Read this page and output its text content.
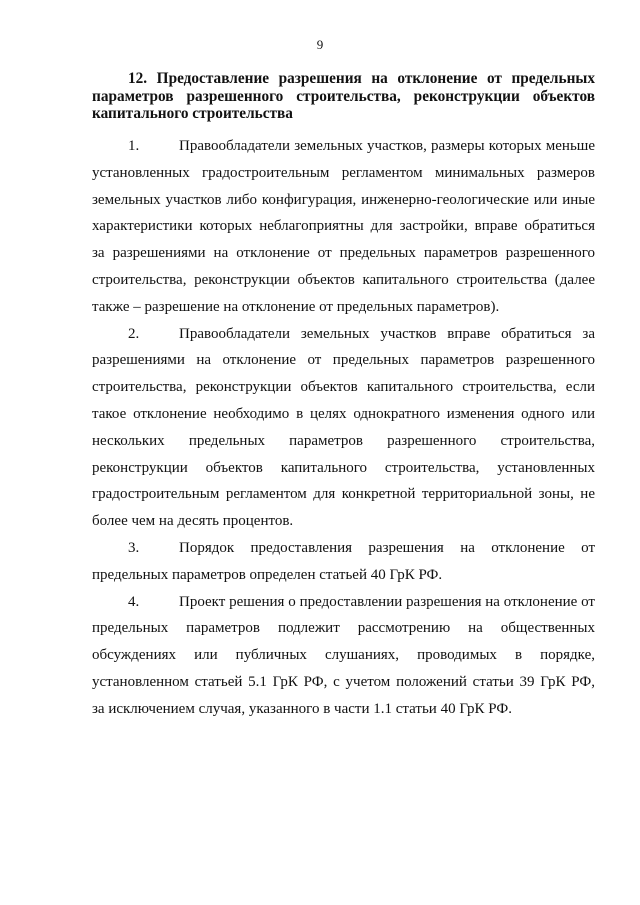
9
12. Предоставление разрешения на отклонение от предельных параметров разрешенного строительства, реконструкции объектов капитального строительства
1.	Правообладатели земельных участков, размеры которых меньше
установленных градостроительным регламентом минимальных размеров
земельных участков либо конфигурация, инженерно-геологические или иные
характеристики которых неблагоприятны для застройки, вправе обратиться
за разрешениями на отклонение от предельных параметров разрешенного
строительства, реконструкции объектов капитального строительства (далее
также – разрешение на отклонение от предельных параметров).
2.	Правообладатели земельных участков вправе обратиться за
разрешениями на отклонение от предельных параметров разрешенного
строительства, реконструкции объектов капитального строительства, если
такое отклонение необходимо в целях однократного изменения одного или
нескольких предельных параметров разрешенного строительства,
реконструкции объектов капитального строительства, установленных
градостроительным регламентом для конкретной территориальной зоны, не
более чем на десять процентов.
3.	Порядок предоставления разрешения на отклонение от
предельных параметров определен статьей 40 ГрК РФ.
4.	Проект решения о предоставлении разрешения на отклонение от
предельных параметров подлежит рассмотрению на общественных
обсуждениях или публичных слушаниях, проводимых в порядке,
установленном статьей 5.1 ГрК РФ, с учетом положений статьи 39 ГрК РФ,
за исключением случая, указанного в части 1.1 статьи 40 ГрК РФ.
